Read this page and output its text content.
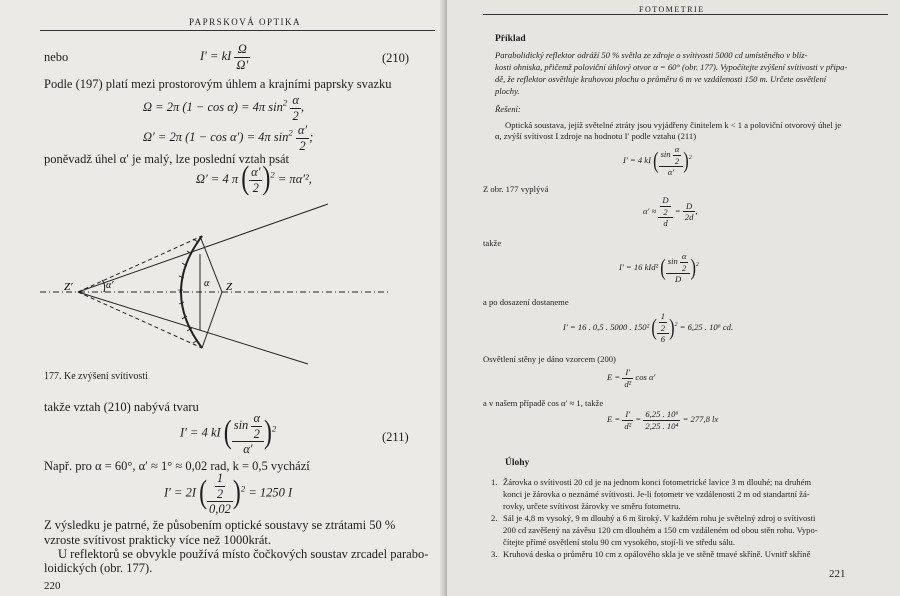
PAPRSKOVÁ OPTIKA
nebo	I′ = kI $\frac{\Omega}{\Omega'}$	(210)
Podle (197) platí mezi prostorovým úhlem a krajními paprsky svazku
Ω = 2π (1 − cos α) = 4π $\sin^2 \frac{\alpha}{2}$ ,
Ω′ = 2π (1 − cos α′) = 4π $\sin^2 \frac{\alpha'}{2}$ ;
poněvadž úhel α′ je malý, lze poslední vztah psát
Ω′ = 4 π ( $\frac{\alpha'}{2} )^2 = \pi\alpha'^2$,
Z′	α′	α Z
177. Ke zvýšení svítivosti
takže vztah (210) nabývá tvaru
I′ = 4 kI ( $\frac{\sin \frac{\alpha}{2}}{\alpha'} )^2$
(211)
Např. pro α = 60°, α′ ≈ 1° ≈ 0,02 rad, k = 0,5 vychází
I′ = 2I ( $\frac{\frac{1}{2}}{0,02} )^2 = 1250$ I
Z výsledku je patrné, že působením optické soustavy se ztrátami 50 %
vzroste svítivost prakticky více než 1000krát.
U reflektorů se obvykle používá místo čočkových soustav zrcadel parabo-
loidických (obr. 177).
220
FOTOMETRIE
Příklad
Parabolidický reflektor odráží 50 % světla ze zdroje o svítivosti 5000 cd umístěného v blíz-
kosti ohniska, přičemž poloviční úhlový otvor α = 60° (obr. 177). Vypočítejte zvýšení svítivosti v připa-
dě, že reflektor osvětluje kruhovou plochu o průměru 6 m ve vzdálenosti 150 m. Určete osvětlení
plochy.
Řešení:
Optická soustava, jejíž světelné ztráty jsou vyjádřeny činitelem k < 1 a poloviční otvorový úhel je
α, zvýší svítivost I zdroje na hodnotu I′ podle vztahu (211)
I′ = 4 kI ( $\frac{\sin \frac{\alpha}{2}}{\alpha'} )^2$
Z obr. 177 vyplývá
$\alpha' \approx \frac{\frac{D}{2}}{d} = \frac{D}{2d}$ ,
takže
I′ = 16 kId² ( $\frac{\sin \frac{\alpha}{2}}{D} )^2$
a po dosazení dostaneme
I′ = 16 . 0,5 . 5000 . 150² ( $\frac{\frac{1}{2}}{6} )^2 = 6,25$ . 10⁶ cd.
Osvětlení stěny je dáno vzorcem (200)
$E = \frac{I'}{\text{d²}}$ cos α′
a v našem případě cos α′ ≈ 1, takže
$E = \frac{I'}{\text{d²}} = \frac{\text{6,25 . 10⁶}}{\text{2,25 . 10⁴}} = 277,8$ lx
Úlohy
1. Žárovka o svítivosti 20 cd je na jednom konci fotometrické lavice 3 m dlouhé; na druhém
konci je žárovka o neznámé svítivosti. Je-li fotometr ve vzdálenosti 2 m od standartní žá-
rovky, určete svítivost žárovky ve směru fotometru.
2. Sál je 4,8 m vysoký, 9 m dlouhý a 6 m široký. V každém rohu je světelný zdroj o svítivosti
200 cd zavěšený na závěsu 120 cm dlouhém a 150 cm vzdáleném od obou stěn rohu. Vypo-
čítejte přímé osvětlení stolu 90 cm vysokého, stojí-li ve středu sálu.
3. Kruhová deska o průměru 10 cm z opálového skla je ve stěně tmavé skříně. Uvnitř skříně
221
